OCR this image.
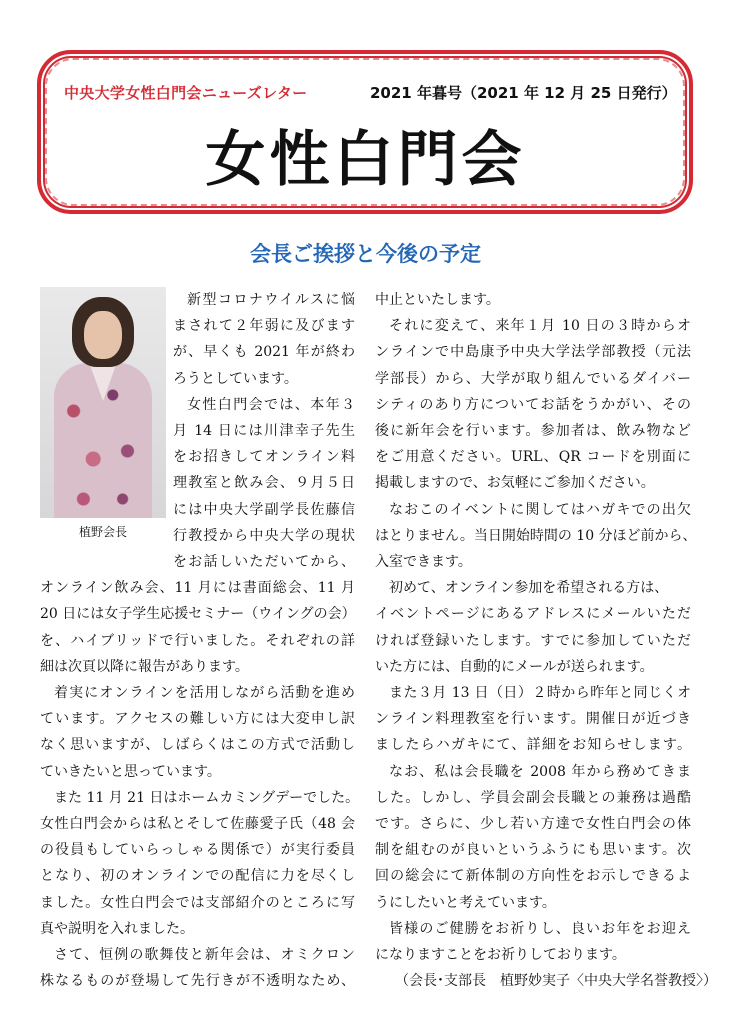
中央大学女性白門会ニューズレター	2021 年暮号（2021 年 12 月 25 日発行）
女性白門会
会長ご挨拶と今後の予定
植野会長
新型コロナウイルスに悩
まされて２年弱に及びます
が、早くも 2021 年が終わ
ろうとしています。
女性白門会では、本年３
月 14 日には川津幸子先生
をお招きしてオンライン料
理教室と飲み会、９月５日
には中央大学副学長佐藤信
行教授から中央大学の現状
をお話しいただいてから、
オンライン飲み会、11 月には書面総会、11 月
20 日には女子学生応援セミナー（ウイングの会）
を、ハイブリッドで行いました。それぞれの詳
細は次頁以降に報告があります。
着実にオンラインを活用しながら活動を進め
ています。アクセスの難しい方には大変申し訳
なく思いますが、しばらくはこの方式で活動し
ていきたいと思っています。
また 11 月 21 日はホームカミングデーでした。
女性白門会からは私とそして佐藤愛子氏（48 会
の役員もしていらっしゃる関係で）が実行委員
となり、初のオンラインでの配信に力を尽くし
ました。女性白門会では支部紹介のところに写
真や説明を入れました。
さて、恒例の歌舞伎と新年会は、オミクロン
株なるものが登場して先行きが不透明なため、
中止といたします。
それに変えて、来年１月 10 日の３時からオ
ンラインで中島康予中央大学法学部教授（元法
学部長）から、大学が取り組んでいるダイバー
シティのあり方についてお話をうかがい、その
後に新年会を行います。参加者は、飲み物など
をご用意ください。URL、QR コードを別面に
掲載しますので、お気軽にご参加ください。
なおこのイベントに関してはハガキでの出欠
はとりません。当日開始時間の 10 分ほど前から、
入室できます。
初めて、オンライン参加を希望される方は、
イベントページにあるアドレスにメールいただ
ければ登録いたします。すでに参加していただ
いた方には、自動的にメールが送られます。
また３月 13 日（日）２時から昨年と同じくオ
ンライン料理教室を行います。開催日が近づき
ましたらハガキにて、詳細をお知らせします。
なお、私は会長職を 2008 年から務めてきま
した。しかし、学員会副会長職との兼務は過酷
です。さらに、少し若い方達で女性白門会の体
制を組むのが良いというふうにも思います。次
回の総会にて新体制の方向性をお示しできるよ
うにしたいと考えています。
皆様のご健勝をお祈りし、良いお年をお迎え
になりますことをお祈りしております。
（会長･支部長　植野妙実子〈中央大学名誉教授〉）
